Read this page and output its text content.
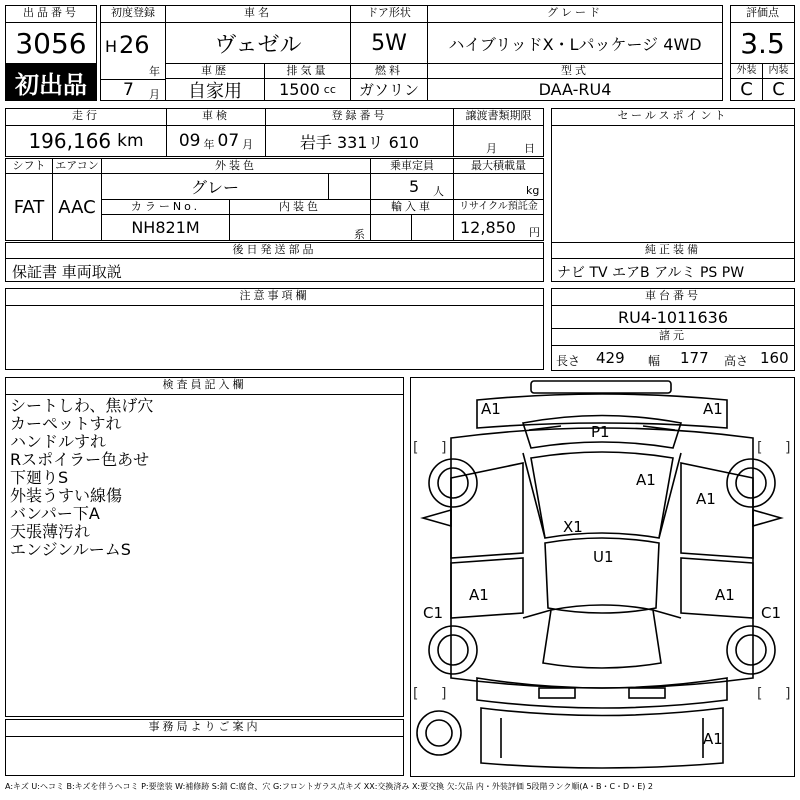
出品番号
3056
初出品
初度登録
H 26
年
7 月
車名
ヴェゼル
ドア形状
5W
グレード
ハイブリッドX・Lパッケージ 4WD
評価点
3.5
外装	内装
C	C
車歴
自家用
排気量
1500 cc
燃料
ガソリン
型式
DAA-RU4
走行
196,166 km
車検
09 年 07 月
登録番号
岩手 331リ 610
譲渡書類期限
月 日
セールスポイント
シフト
FAT
エアコン
AAC
外装色
グレー
乗車定員
5 人
最大積載量
kg
カラーNo.
NH821M
内装色
系
輸入車	リサイクル預託金
12,850 円
後日発送部品
保証書 車両取説
純正装備
ナビ TV エアB アルミ PS PW
注意事項欄	車台番号
RU4-1011636
諸元
長さ 429 幅 177 高さ 160
検査員記入欄
シートしわ、焦げ穴
カーペットすれ
ハンドルすれ
Rスポイラー色あせ
下廻りS
外装うすい線傷
バンパー下A
天張薄汚れ
エンジンルームS
事務局よりご案内
A1	A1
P1
A1
A1
X1
U1
A1	A1
C1	C1
A1
[ ]	[ ]
[ ]	[ ]
A:キズ U:ヘコミ B:キズを伴うヘコミ P:要塗装 W:補修跡 S:錆 C:腐食、穴 G:フロントガラス点キズ XX:交換済み X:要交換 欠:欠品 内・外装評価 5段階ランク順(A・B・C・D・E) 2
